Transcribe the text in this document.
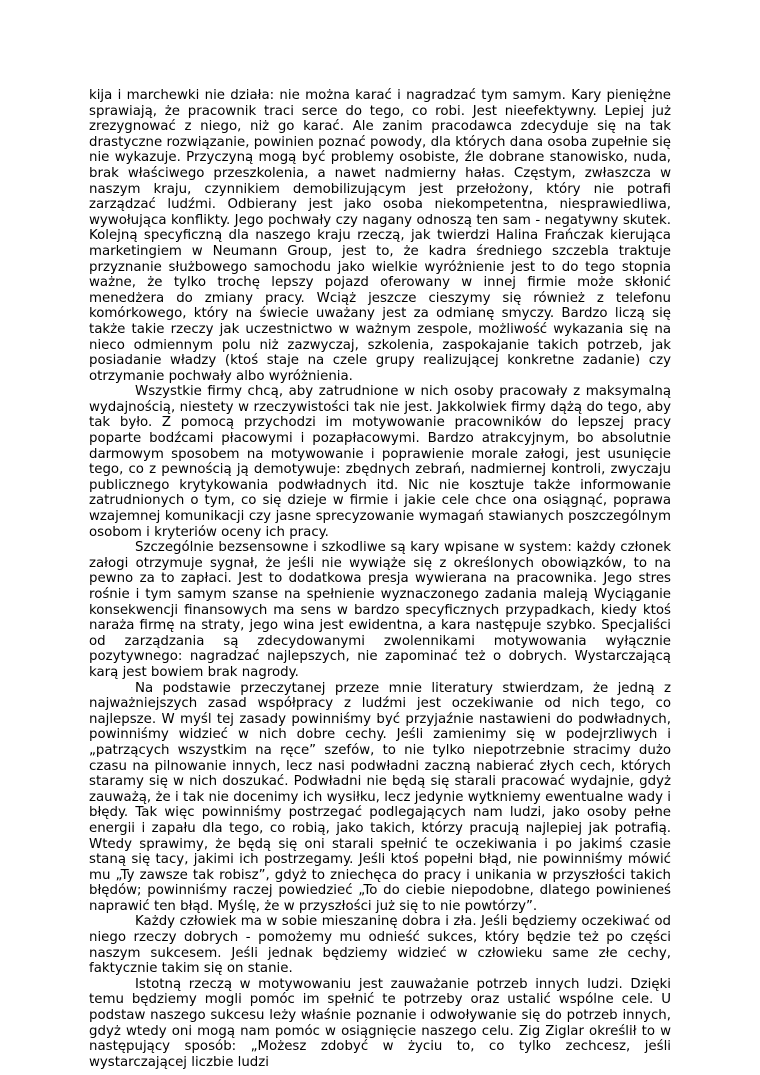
kija i marchewki nie działa: nie można karać i nagradzać tym samym. Kary pieniężne sprawiają, że pracownik traci serce do tego, co robi. Jest nieefektywny. Lepiej już zrezygnować z niego, niż go karać. Ale zanim pracodawca zdecyduje się na tak drastyczne rozwiązanie, powinien poznać powody, dla których dana osoba zupełnie się nie wykazuje. Przyczyną mogą być problemy osobiste, źle dobrane stanowisko, nuda, brak właściwego przeszkolenia, a nawet nadmierny hałas. Częstym, zwłaszcza w naszym kraju, czynnikiem demobilizującym jest przełożony, który nie potrafi zarządzać ludźmi. Odbierany jest jako osoba niekompetentna, niesprawiedliwa, wywołująca konflikty. Jego pochwały czy nagany odnoszą ten sam - negatywny skutek. Kolejną specyficzną dla naszego kraju rzeczą, jak twierdzi Halina Frańczak kierująca marketingiem w Neumann Group, jest to, że kadra średniego szczebla traktuje przyznanie służbowego samochodu jako wielkie wyróżnienie jest to do tego stopnia ważne, że tylko trochę lepszy pojazd oferowany w innej firmie może skłonić menedżera do zmiany pracy. Wciąż jeszcze cieszymy się również z telefonu komórkowego, który na świecie uważany jest za odmianę smyczy. Bardzo liczą się także takie rzeczy jak uczestnictwo w ważnym zespole, możliwość wykazania się na nieco odmiennym polu niż zazwyczaj, szkolenia, zaspokajanie takich potrzeb, jak posiadanie władzy (ktoś staje na czele grupy realizującej konkretne zadanie) czy otrzymanie pochwały albo wyróżnienia.

Wszystkie firmy chcą, aby zatrudnione w nich osoby pracowały z maksymalną wydajnością, niestety w rzeczywistości tak nie jest. Jakkolwiek firmy dążą do tego, aby tak było. Z pomocą przychodzi im motywowanie pracowników do lepszej pracy poparte bodźcami płacowymi i pozapłacowymi. Bardzo atrakcyjnym, bo absolutnie darmowym sposobem na motywowanie i poprawienie morale załogi, jest usunięcie tego, co z pewnością ją demotywuje: zbędnych zebrań, nadmiernej kontroli, zwyczaju publicznego krytykowania podwładnych itd. Nic nie kosztuje także informowanie zatrudnionych o tym, co się dzieje w firmie i jakie cele chce ona osiągnąć, poprawa wzajemnej komunikacji czy jasne sprecyzowanie wymagań stawianych poszczególnym osobom i kryteriów oceny ich pracy.

Szczególnie bezsensowne i szkodliwe są kary wpisane w system: każdy członek załogi otrzymuje sygnał, że jeśli nie wywiąże się z określonych obowiązków, to na pewno za to zapłaci. Jest to dodatkowa presja wywierana na pracownika. Jego stres rośnie i tym samym szanse na spełnienie wyznaczonego zadania maleją Wyciąganie konsekwencji finansowych ma sens w bardzo specyficznych przypadkach, kiedy ktoś naraża firmę na straty, jego wina jest ewidentna, a kara następuje szybko. Specjaliści od zarządzania są zdecydowanymi zwolennikami motywowania wyłącznie pozytywnego: nagradzać najlepszych, nie zapominać też o dobrych. Wystarczającą karą jest bowiem brak nagrody.

Na podstawie przeczytanej przeze mnie literatury stwierdzam, że jedną z najważniejszych zasad współpracy z ludźmi jest oczekiwanie od nich tego, co najlepsze. W myśl tej zasady powinniśmy być przyjaźnie nastawieni do podwładnych, powinniśmy widzieć w nich dobre cechy. Jeśli zamienimy się w podejrzliwych i „patrzących wszystkim na ręce” szefów, to nie tylko niepotrzebnie stracimy dużo czasu na pilnowanie innych, lecz nasi podwładni zaczną nabierać złych cech, których staramy się w nich doszukać. Podwładni nie będą się starali pracować wydajnie, gdyż zauważą, że i tak nie docenimy ich wysiłku, lecz jedynie wytkniemy ewentualne wady i błędy. Tak więc powinniśmy postrzegać podlegających nam ludzi, jako osoby pełne energii i zapału dla tego, co robią, jako takich, którzy pracują najlepiej jak potrafią. Wtedy sprawimy, że będą się oni starali spełnić te oczekiwania i po jakimś czasie staną się tacy, jakimi ich postrzegamy. Jeśli ktoś popełni błąd, nie powinniśmy mówić mu „Ty zawsze tak robisz”, gdyż to zniechęca do pracy i unikania w przyszłości takich błędów; powinniśmy raczej powiedzieć „To do ciebie niepodobne, dlatego powinieneś naprawić ten błąd. Myślę, że w przyszłości już się to nie powtórzy”.

Każdy człowiek ma w sobie mieszaninę dobra i zła. Jeśli będziemy oczekiwać od niego rzeczy dobrych - pomożemy mu odnieść sukces, który będzie też po części naszym sukcesem. Jeśli jednak będziemy widzieć w człowieku same złe cechy, faktycznie takim się on stanie.

Istotną rzeczą w motywowaniu jest zauważanie potrzeb innych ludzi. Dzięki temu będziemy mogli pomóc im spełnić te potrzeby oraz ustalić wspólne cele. U podstaw naszego sukcesu leży właśnie poznanie i odwoływanie się do potrzeb innych, gdyż wtedy oni mogą nam pomóc w osiągnięcie naszego celu. Zig Ziglar określił to w następujący sposób: „Możesz zdobyć w życiu to, co tylko zechcesz, jeśli wystarczającej liczbie ludzi
